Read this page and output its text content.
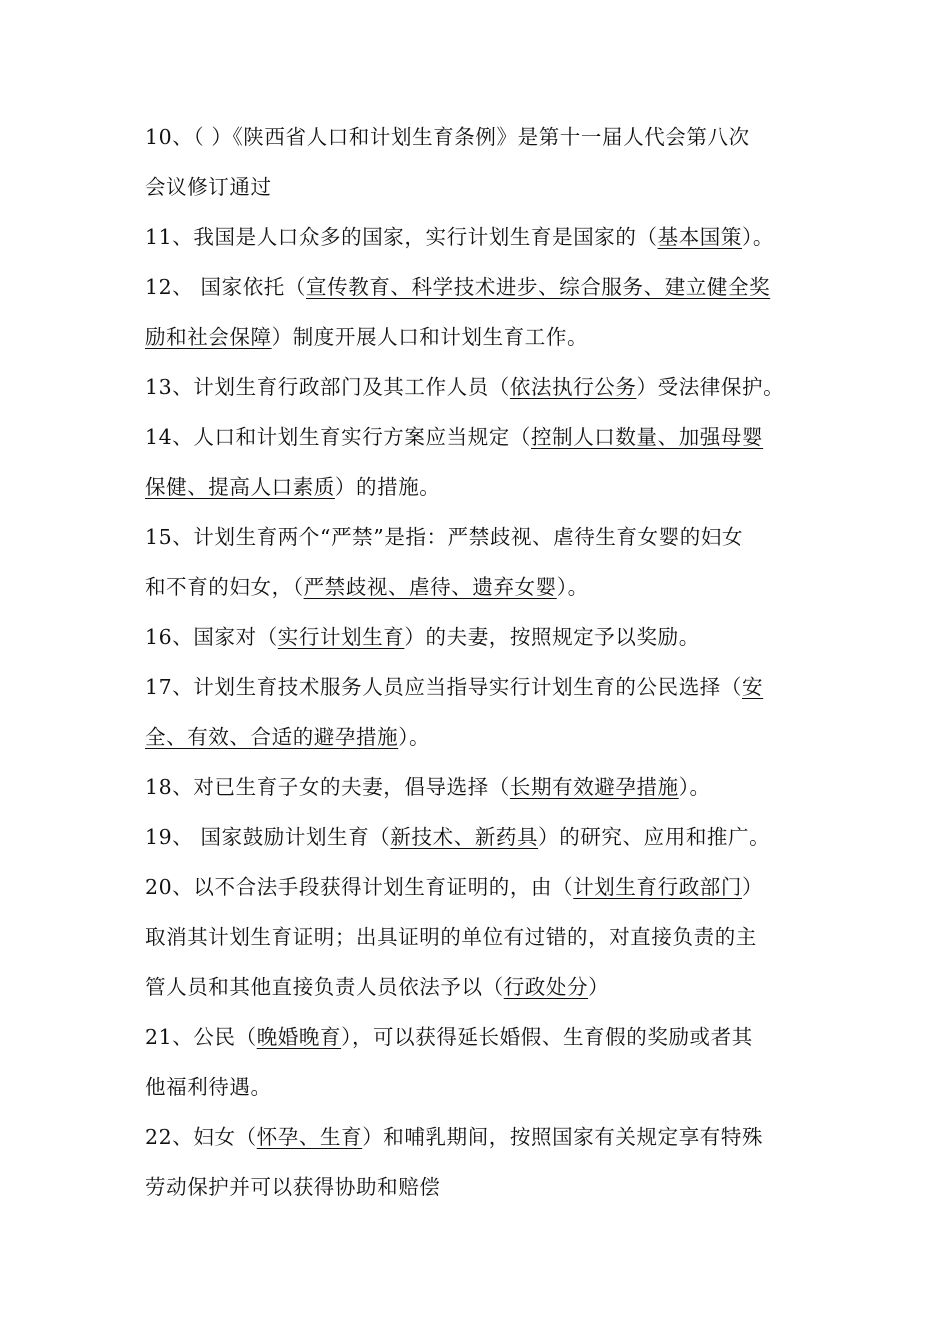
10、（ ）《陕西省人口和计划生育条例》是第十一届人代会第八次
会议修订通过
11、我国是人口众多的国家，实行计划生育是国家的（基本国策）。
12、 国家依托（宣传教育、科学技术进步、综合服务、建立健全奖
励和社会保障）制度开展人口和计划生育工作。
13、计划生育行政部门及其工作人员（依法执行公务）受法律保护。
14、人口和计划生育实行方案应当规定（控制人口数量、加强母婴
保健、提高人口素质）的措施。
15、计划生育两个“严禁”是指：严禁歧视、虐待生育女婴的妇女
和不育的妇女，（严禁歧视、虐待、遗弃女婴）。
16、国家对（实行计划生育）的夫妻，按照规定予以奖励。
17、计划生育技术服务人员应当指导实行计划生育的公民选择（安
全、有效、合适的避孕措施）。
18、对已生育子女的夫妻，倡导选择（长期有效避孕措施）。
19、 国家鼓励计划生育（新技术、新药具）的研究、应用和推广。
20、以不合法手段获得计划生育证明的，由（计划生育行政部门）
取消其计划生育证明；出具证明的单位有过错的，对直接负责的主
管人员和其他直接负责人员依法予以（行政处分）
21、公民（晚婚晚育），可以获得延长婚假、生育假的奖励或者其
他福利待遇。
22、妇女（怀孕、生育）和哺乳期间，按照国家有关规定享有特殊
劳动保护并可以获得协助和赔偿
